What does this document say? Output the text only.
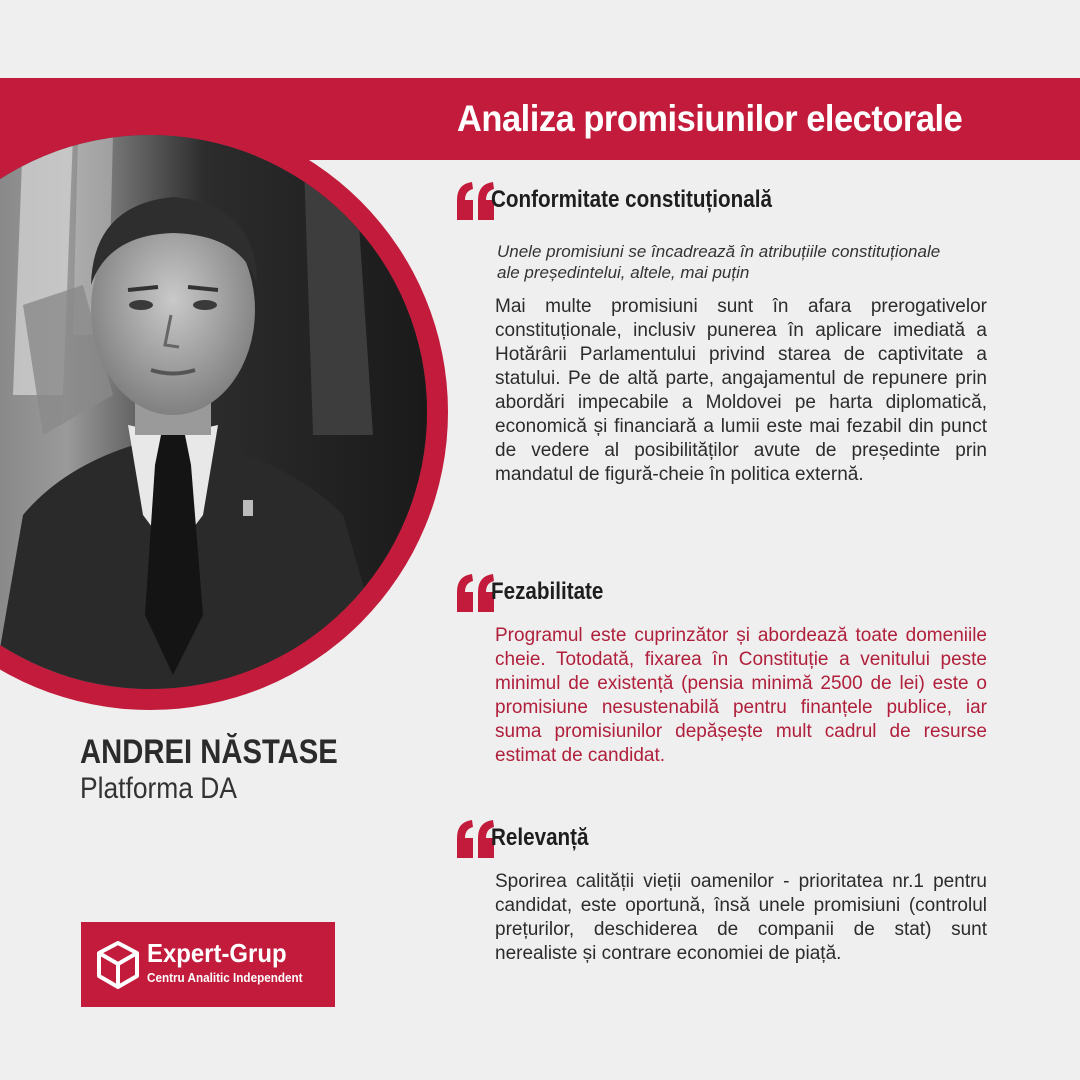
Analiza promisiunilor electorale
ANDREI NĂSTASE
Platforma DA
Expert-Grup
Centru Analitic Independent
Conformitate constituțională
Unele promisiuni se încadrează în atribuțiile constituționale ale președintelui, altele, mai puțin
Mai multe promisiuni sunt în afara prerogativelor constituționale, inclusiv punerea în aplicare imediată a Hotărârii Parlamentului privind starea de captivitate a statului. Pe de altă parte, angajamentul de repunere prin abordări impecabile a Moldovei pe harta diplomatică, economică și financiară a lumii este mai fezabil din punct de vedere al posibilităților avute de președinte prin mandatul de figură-cheie în politica externă.
Fezabilitate
Programul este cuprinzător și abordează toate domeniile cheie. Totodată, fixarea în Constituție a venitului peste minimul de existență (pensia minimă 2500 de lei) este o promisiune nesustenabilă pentru finanțele publice, iar suma promisiunilor depășește mult cadrul de resurse estimat de candidat.
Relevanță
Sporirea calității vieții oamenilor - prioritatea nr.1 pentru candidat, este oportună, însă unele promisiuni (controlul prețurilor, deschiderea de companii de stat) sunt nerealiste și contrare economiei de piață.
